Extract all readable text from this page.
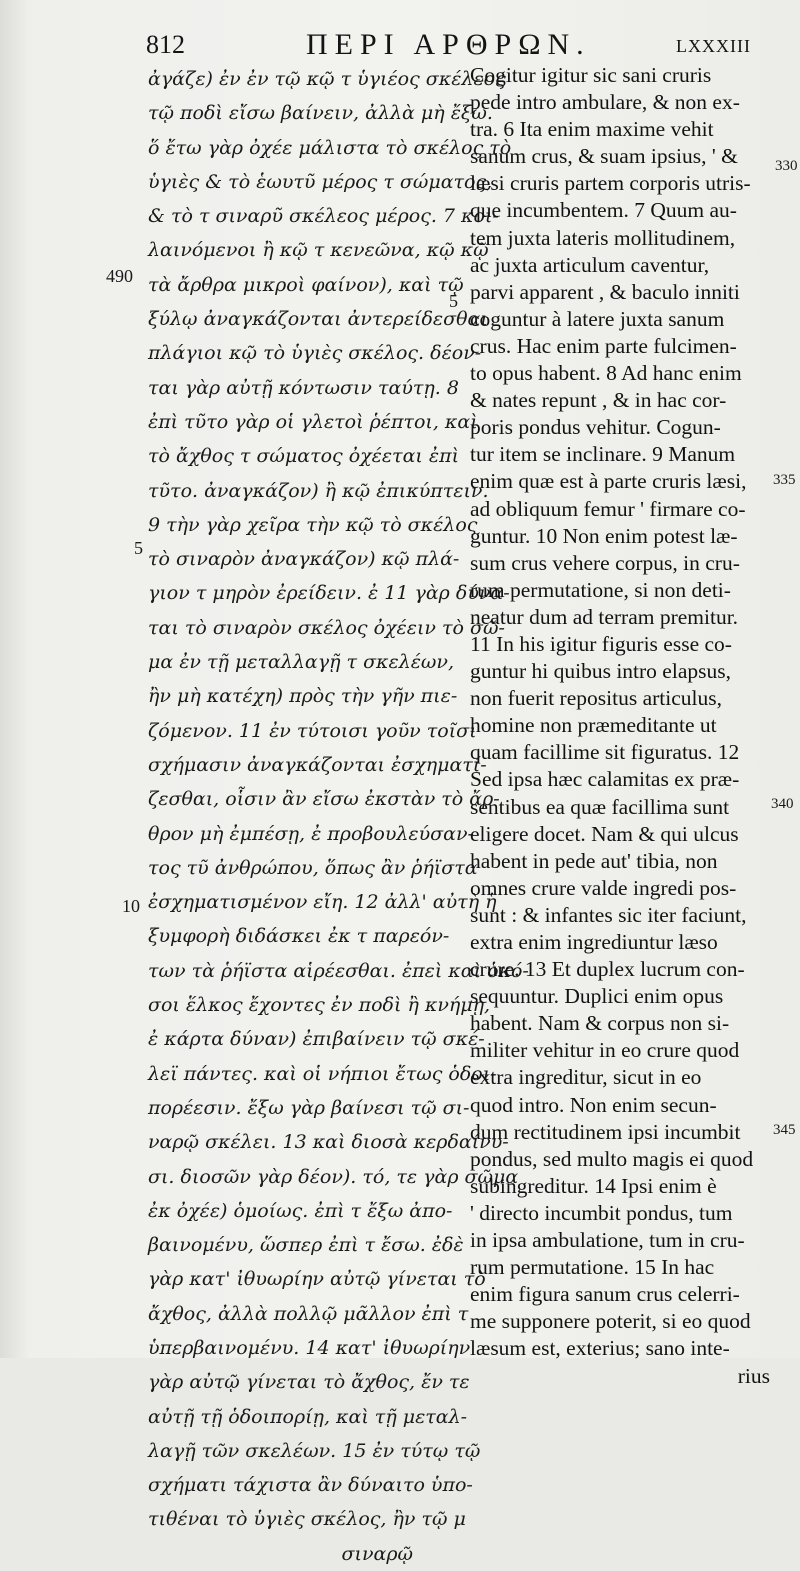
812	ΠΕΡΙ ΑΡΘΡΩΝ.	LXXXIII
ἀγάζε) ἐν ἐν τῷ κῷ τ ὑγιέος σκέλεος
τῷ ποδὶ εἴσω βαίνειν, ἀλλὰ μὴ ἔξω.
ὅ ἔτω γὰρ ὀχέε μάλιστα τὸ σκέλος τὸ
ὑγιὲς & τὸ ἑωυτῦ μέρος τ σώματος,
& τὸ τ σιναρῦ σκέλεος μέρος. 7 κοι-
λαινόμενοι ἢ κῷ τ κενεῶνα, κῷ κῷ
τὰ ἄρθρα μικροὶ φαίνον), καὶ τῷ
ξύλῳ ἀναγκάζονται ἀντερείδεσθαι
πλάγιοι κῷ τὸ ὑγιὲς σκέλος. δέον-
ται γὰρ αὐτῇ κόντωσιν ταύτῃ. 8
ἐπὶ τῦτο γὰρ οἱ γλετοὶ ῥέπτοι, καὶ
τὸ ἄχθος τ σώματος ὀχέεται ἐπὶ
τῦτο. ἀναγκάζον) ἢ κῷ ἐπικύπτειν.
9 τὴν γὰρ χεῖρα τὴν κῷ τὸ σκέλος
τὸ σιναρὸν ἀναγκάζον) κῷ πλά-
γιον τ μηρὸν ἐρείδειν. ἐ 11 γὰρ δύνα-
ται τὸ σιναρὸν σκέλος ὀχέειν τὸ σῶ-
μα ἐν τῇ μεταλλαγῇ τ σκελέων,
ἢν μὴ κατέχη) πρὸς τὴν γῆν πιε-
ζόμενον. 11 ἐν τύτοισι γοῦν τοῖσι
σχήμασιν ἀναγκάζονται ἐσχηματί-
ζεσθαι, οἷσιν ἂν εἴσω ἐκστὰν τὸ ἄρ-
θρον μὴ ἐμπέσῃ, ἐ προβουλεύσαν-
τος τῦ ἀνθρώπου, ὅπως ἂν ῥήϊστα
ἐσχηματισμένον εἴη. 12 ἀλλ' αὐτὴ ἡ
ξυμφορὴ διδάσκει ἐκ τ παρεόν-
των τὰ ῥήϊστα αἱρέεσθαι. ἐπεὶ καὶ ὁκό-
σοι ἕλκος ἔχοντες ἐν ποδὶ ἢ κνήμῃ,
ἐ κάρτα δύναν) ἐπιβαίνειν τῷ σκέ-
λεϊ πάντες. καὶ οἱ νήπιοι ἔτως ὁδοι-
πορέεσιν. ἔξω γὰρ βαίνεσι τῷ σι-
ναρῷ σκέλει. 13 καὶ διοσὰ κερδαίνυ-
σι. διοσῶν γὰρ δέον). τό, τε γὰρ σῶμα
ἐκ ὀχέε) ὁμοίως. ἐπὶ τ ἔξω ἀπο-
βαινομένυ, ὥσπερ ἐπὶ τ ἔσω. ἐδὲ
γὰρ κατ' ἰθυωρίην αὐτῷ γίνεται τὸ
ἄχθος, ἀλλὰ πολλῷ μᾶλλον ἐπὶ τ
ὑπερβαινομένυ. 14 κατ' ἰθυωρίην
γὰρ αὐτῷ γίνεται τὸ ἄχθος, ἔν τε
αὐτῇ τῇ ὁδοιπορίῃ, καὶ τῇ μεταλ-
λαγῇ τῶν σκελέων. 15 ἐν τύτῳ τῷ
σχήματι τάχιστα ἂν δύναιτο ὑπο-
τιθέναι τὸ ὑγιὲς σκέλος, ἢν τῷ μ
σιναρῷ
Cogitur igitur sic sani cruris
pede intro ambulare, & non ex-
tra. 6 Ita enim maxime vehit
sanum crus, & suam ipsius, ' &
læsi cruris partem corporis utris-
que incumbentem. 7 Quum au-
tem juxta lateris mollitudinem,
ac juxta articulum caventur,
parvi apparent , & baculo inniti
coguntur à latere juxta sanum
crus. Hac enim parte fulcimen-
to opus habent. 8 Ad hanc enim
& nates repunt , & in hac cor-
poris pondus vehitur. Cogun-
tur item se inclinare. 9 Manum
enim quæ est à parte cruris læsi,
ad obliquum femur ' firmare co-
guntur. 10 Non enim potest læ-
sum crus vehere corpus, in cru-
rum permutatione, si non deti-
neatur dum ad terram premitur.
11 In his igitur figuris esse co-
guntur hi quibus intro elapsus,
non fuerit repositus articulus,
homine non præmeditante ut
quam facillime sit figuratus. 12
Sed ipsa hæc calamitas ex præ-
sentibus ea quæ facillima sunt
eligere docet. Nam & qui ulcus
habent in pede aut' tibia, non
omnes crure valde ingredi pos-
sunt : & infantes sic iter faciunt,
extra enim ingrediuntur læso
crure. 13 Et duplex lucrum con-
sequuntur. Duplici enim opus
habent. Nam & corpus non si-
militer vehitur in eo crure quod
extra ingreditur, sicut in eo
quod intro. Non enim secun-
dum rectitudinem ipsi incumbit
pondus, sed multo magis ei quod
subingreditur. 14 Ipsi enim è
' directo incumbit pondus, tum
in ipsa ambulatione, tum in cru-
rum permutatione. 15 In hac
enim figura sanum crus celerri-
me supponere poterit, si eo quod
læsum est, exterius; sano inte-
rius
490
5
10
5
330
335
340
345
